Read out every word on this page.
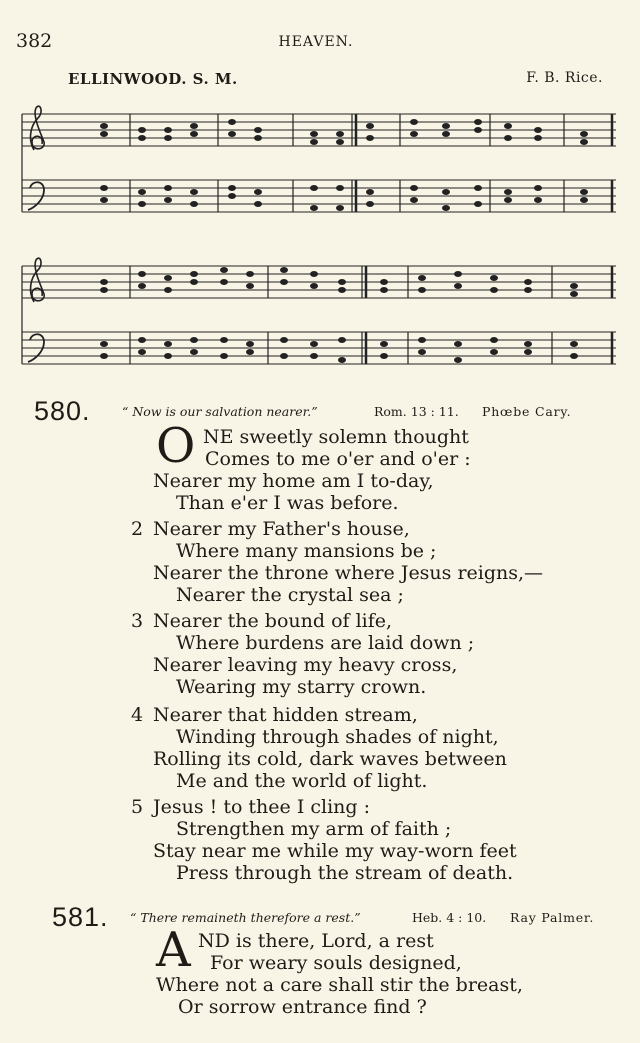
382	HEAVEN.
ELLINWOOD. S. M.	F. B. Rice.
580.	“ Now is our salvation nearer.”	Rom. 13 : 11. Phœbe Cary.
O NE sweetly solemn thought
Comes to me o'er and o'er :
Nearer my home am I to-day,
Than e'er I was before.
2 Nearer my Father's house,
Where many mansions be ;
Nearer the throne where Jesus reigns,—
Nearer the crystal sea ;
3 Nearer the bound of life,
Where burdens are laid down ;
Nearer leaving my heavy cross,
Wearing my starry crown.
4 Nearer that hidden stream,
Winding through shades of night,
Rolling its cold, dark waves between
Me and the world of light.
5 Jesus ! to thee I cling :
Strengthen my arm of faith ;
Stay near me while my way-worn feet
Press through the stream of death.
581. “ There remaineth therefore a rest.”	Heb. 4 : 10. Ray Palmer.
A ND is there, Lord, a rest
For weary souls designed,
Where not a care shall stir the breast,
Or sorrow entrance find ?
